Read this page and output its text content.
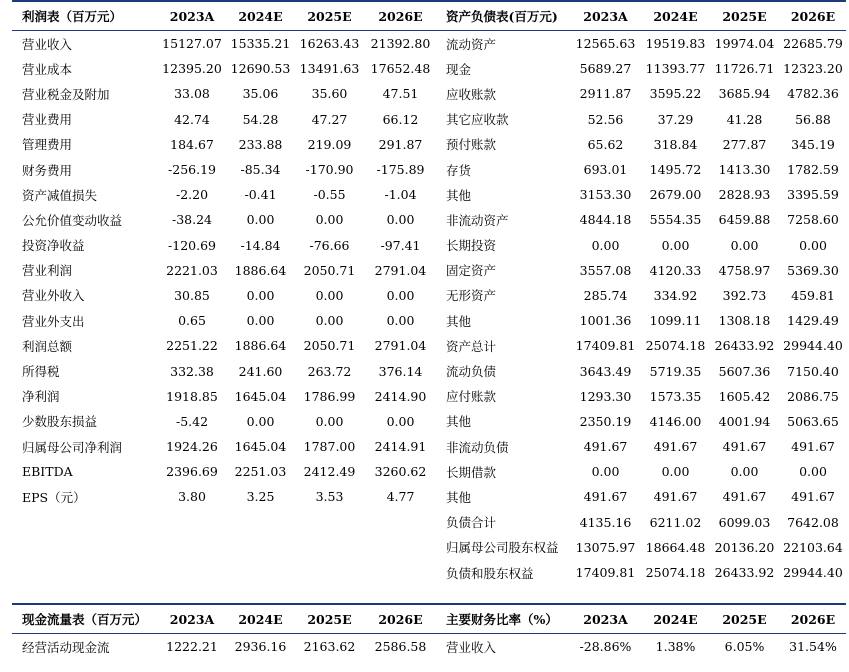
利润表（百万元）	2023A	2024E	2025E	2026E	资产负债表(百万元)	2023A	2024E	2025E	2026E
营业收入	15127.07	15335.21	16263.43	21392.80	流动资产	12565.63	19519.83	19974.04	22685.79
营业成本	12395.20	12690.53	13491.63	17652.48	现金	5689.27	11393.77	11726.71	12323.20
营业税金及附加	33.08	35.06	35.60	47.51	应收账款	2911.87	3595.22	3685.94	4782.36
营业费用	42.74	54.28	47.27	66.12	其它应收款	52.56	37.29	41.28	56.88
管理费用	184.67	233.88	219.09	291.87	预付账款	65.62	318.84	277.87	345.19
财务费用	-256.19	-85.34	-170.90	-175.89	存货	693.01	1495.72	1413.30	1782.59
资产减值损失	-2.20	-0.41	-0.55	-1.04	其他	3153.30	2679.00	2828.93	3395.59
公允价值变动收益	-38.24	0.00	0.00	0.00	非流动资产	4844.18	5554.35	6459.88	7258.60
投资净收益	-120.69	-14.84	-76.66	-97.41	长期投资	0.00	0.00	0.00	0.00
营业利润	2221.03	1886.64	2050.71	2791.04	固定资产	3557.08	4120.33	4758.97	5369.30
营业外收入	30.85	0.00	0.00	0.00	无形资产	285.74	334.92	392.73	459.81
营业外支出	0.65	0.00	0.00	0.00	其他	1001.36	1099.11	1308.18	1429.49
利润总额	2251.22	1886.64	2050.71	2791.04	资产总计	17409.81	25074.18	26433.92	29944.40
所得税	332.38	241.60	263.72	376.14	流动负债	3643.49	5719.35	5607.36	7150.40
净利润	1918.85	1645.04	1786.99	2414.90	应付账款	1293.30	1573.35	1605.42	2086.75
少数股东损益	-5.42	0.00	0.00	0.00	其他	2350.19	4146.00	4001.94	5063.65
归属母公司净利润	1924.26	1645.04	1787.00	2414.91	非流动负债	491.67	491.67	491.67	491.67
EBITDA	2396.69	2251.03	2412.49	3260.62	长期借款	0.00	0.00	0.00	0.00
EPS（元）	3.80	3.25	3.53	4.77	其他	491.67	491.67	491.67	491.67
					负债合计	4135.16	6211.02	6099.03	7642.08
					归属母公司股东权益	13075.97	18664.48	20136.20	22103.64
					负债和股东权益	17409.81	25074.18	26433.92	29944.40
现金流量表（百万元）	2023A	2024E	2025E	2026E	主要财务比率（%）	2023A	2024E	2025E	2026E
经营活动现金流	1222.21	2936.16	2163.62	2586.58	营业收入	-28.86%	1.38%	6.05%	31.54%
